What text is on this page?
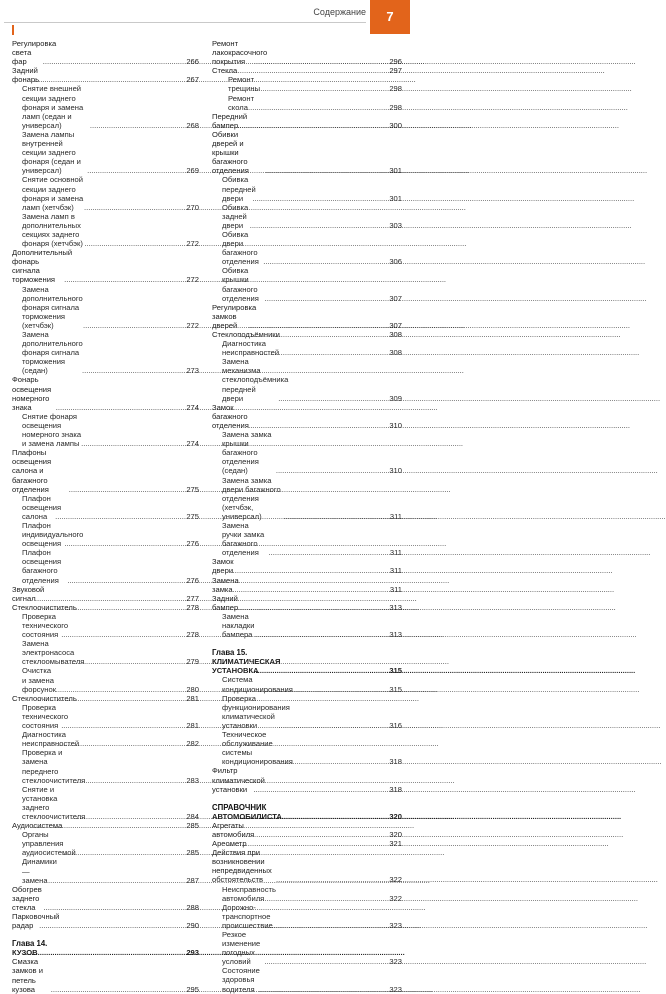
Содержание	7
Регулировка света фар .....	266
Задний фонарь .....	267
Снятие внешней секции заднего фонаря и замена ламп (седан и универсал) .....	268
Замена лампы внутренней секции заднего фонаря (седан и универсал) .....	269
Снятие основной секции заднего фонаря и замена ламп (хетчбэк) .....	270
Замена ламп в дополнительных секциях заднего фонаря (хетчбэк) .....	272
Дополнительный фонарь сигнала торможения .....	272
Замена дополнительного фонаря сигнала торможения (хетчбэк) .....	272
Замена дополнительного фонаря сигнала торможения (седан) .....	273
Фонарь освещения номерного знака .....	274
Снятие фонаря освещения номерного знака и замена лампы .....	274
Плафоны освещения салона и багажного отделения .....	275
Плафон освещения салона .....	275
Плафон индивидуального освещения .....	276
Плафон освещения багажного отделения .....	276
Звуковой сигнал .....	277
Стеклоочиститель .....	278
Проверка технического состояния .....	278
Замена электронасоса стеклоомывателя .....	279
Очистка и замена форсунок .....	280
Стеклоочиститель .....	281
Проверка технического состояния .....	281
Диагностика неисправностей .....	282
Проверка и замена переднего стеклоочистителя .....	283
Снятие и установка заднего стеклоочистителя .....	284
Аудиосистема .....	285
Органы управления аудиосистемой .....	285
Динамики — замена .....	287
Обогрев заднего стекла .....	288
Парковочный радар .....	290
Глава 14.
КУЗОВ .....	293
Смазка замков и петель кузова .....	295
Ремонт лакокрасочного покрытия .....	296
Стекла .....	297
Ремонт трещины .....	298
Ремонт скола .....	298
Передний бампер .....	300
Обивки дверей и крышки багажного отделения .....	301
Обивка передней двери .....	301
Обивка задней двери .....	303
Обивка двери багажного отделения .....	306
Обивка крышки багажного отделения .....	307
Регулировка замков дверей .....	307
Стеклоподъёмники .....	308
Диагностика неисправностей .....	308
Замена механизма стеклоподъёмника передней двери .....	309
Замок багажного отделения .....	310
Замена замка крышки багажного отделения (седан) .....	310
Замена замка двери багажного отделения (хетчбэк, универсал) .....	311
Замена ручки замка багажного отделения .....	311
Замок двери .....	311
Замена замка .....	311
Задний бампер .....	313
Замена накладки бампера .....	313
Глава 15.
КЛИМАТИЧЕСКАЯ УСТАНОВКА .....	315
Система кондиционирования .....	315
Проверка функционирования климатической установки .....	316
Техническое обслуживание системы кондиционирования .....	318
Фильтр климатической установки .....	318
СПРАВОЧНИК
АВТОМОБИЛИСТА .....	320
Агрегаты автомобиля .....	320
Ареометр .....	321
Действия при возникновении непредвиденных обстоятельств .....	322
Неисправность автомобиля .....	322
Дорожно-транспортное происшествие .....	323
Резкое изменение погодных условий .....	323
Состояние здоровья водителя .....	323
